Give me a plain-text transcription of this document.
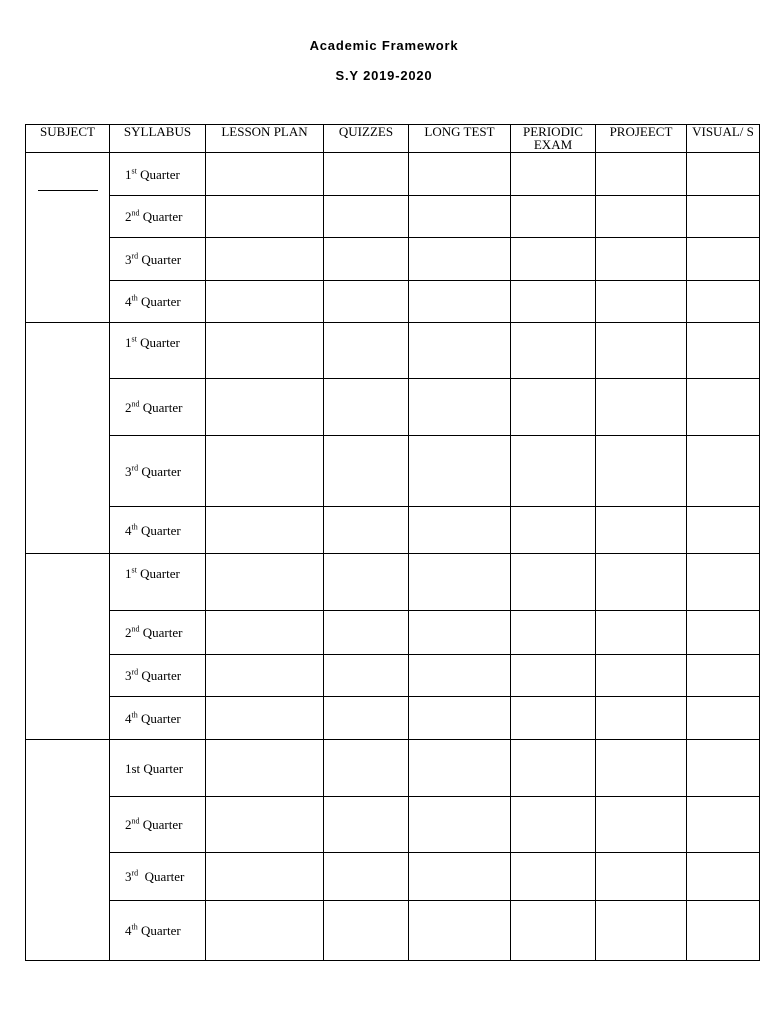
Academic Framework
S.Y 2019-2020
SUBJECT	SYLLABUS	LESSON PLAN	QUIZZES	LONG TEST	PERIODIC EXAM	PROJEECT	VISUAL/ S

	1st Quarter						
	2nd Quarter						
	3rd Quarter						
	4th Quarter						
	1st Quarter						
	2nd Quarter						
	3rd Quarter						
	4th Quarter						
	1st Quarter						
	2nd Quarter						
	3rd Quarter						
	4th Quarter						
	1st Quarter						
	2nd Quarter						
	3rd Quarter						
	4th Quarter						
